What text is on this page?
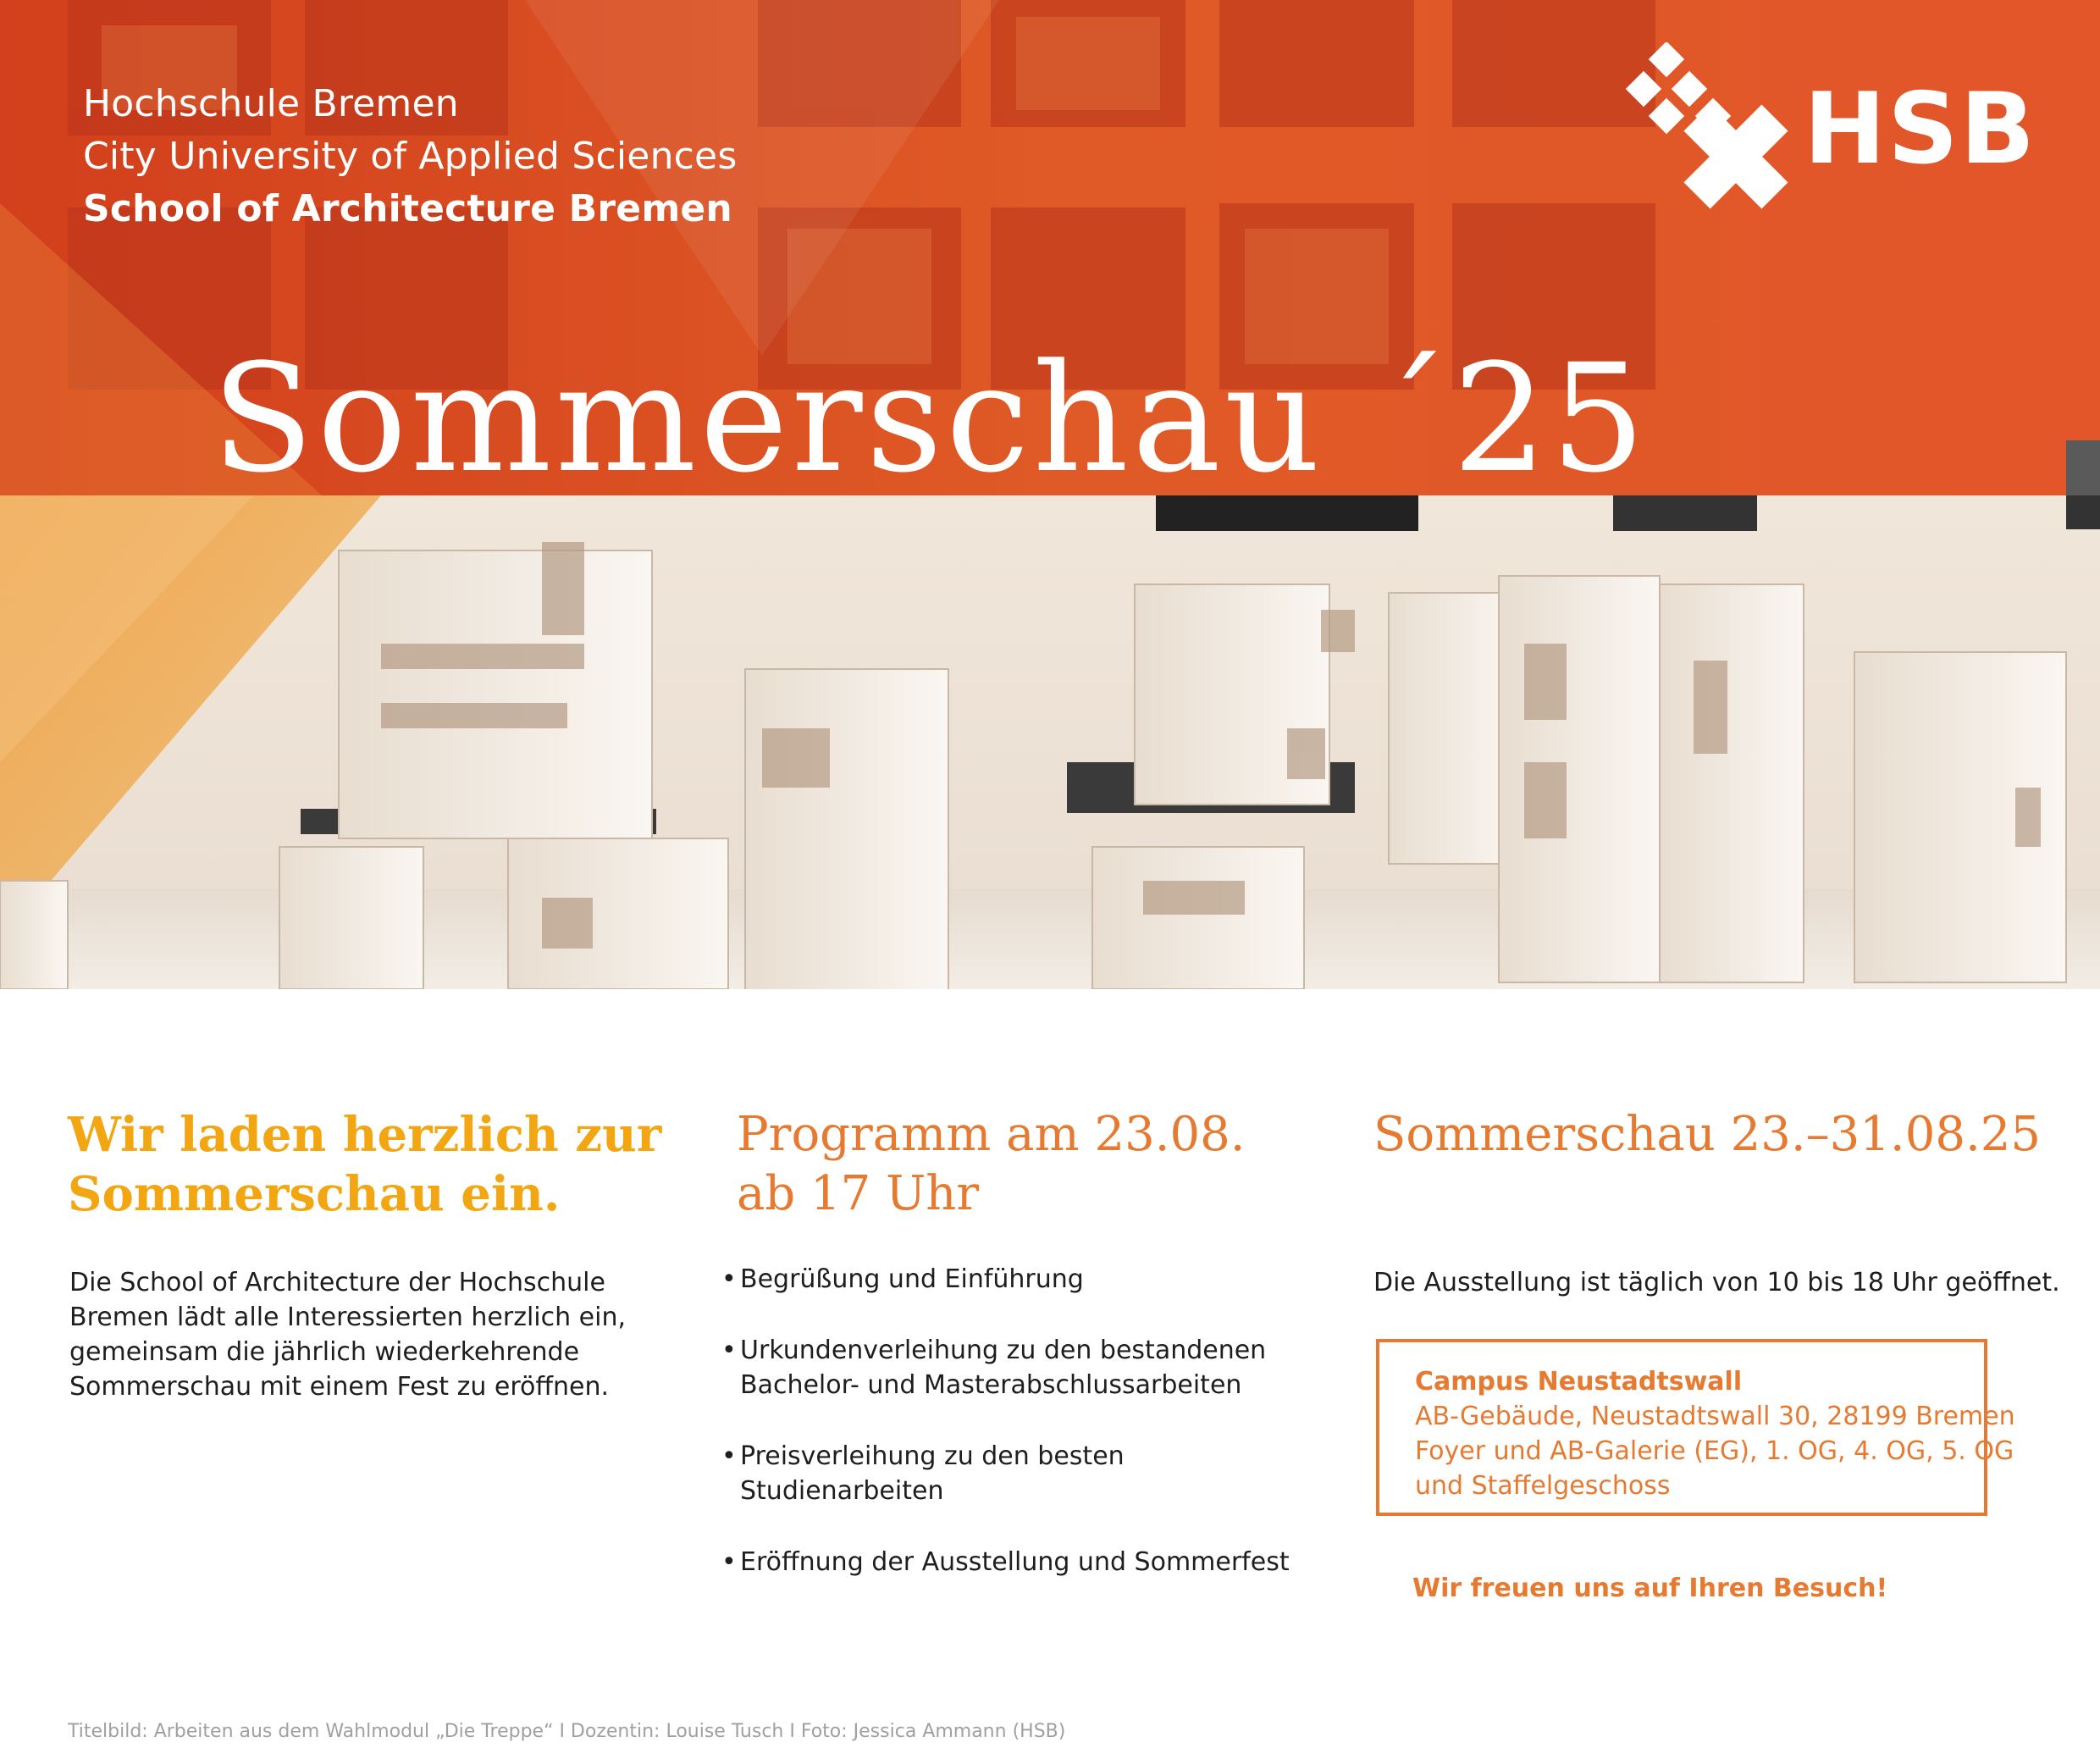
Hochschule Bremen
City University of Applied Sciences
School of Architecture Bremen
HSB
Sommerschau ´25
Wir laden herzlich zur
Sommerschau ein.

Die School of Architecture der Hochschule Bremen lädt alle Interessierten herzlich ein, gemeinsam die jährlich wiederkehrende Sommerschau mit einem Fest zu eröffnen.

Programm am 23.08.
ab 17 Uhr
• Begrüßung und Einführung
• Urkundenverleihung zu den bestandenen Bachelor- und Masterabschlussarbeiten
• Preisverleihung zu den besten Studienarbeiten
• Eröffnung der Ausstellung und Sommerfest
Sommerschau 23.–31.08.25

Die Ausstellung ist täglich von 10 bis 18 Uhr geöffnet.

Campus Neustadtswall
AB-Gebäude, Neustadtswall 30, 28199 Bremen
Foyer und AB-Galerie (EG), 1. OG, 4. OG, 5. OG
und Staffelgeschoss
Wir freuen uns auf Ihren Besuch!
Titelbild: Arbeiten aus dem Wahlmodul „Die Treppe“ I Dozentin: Louise Tusch I Foto: Jessica Ammann (HSB)
